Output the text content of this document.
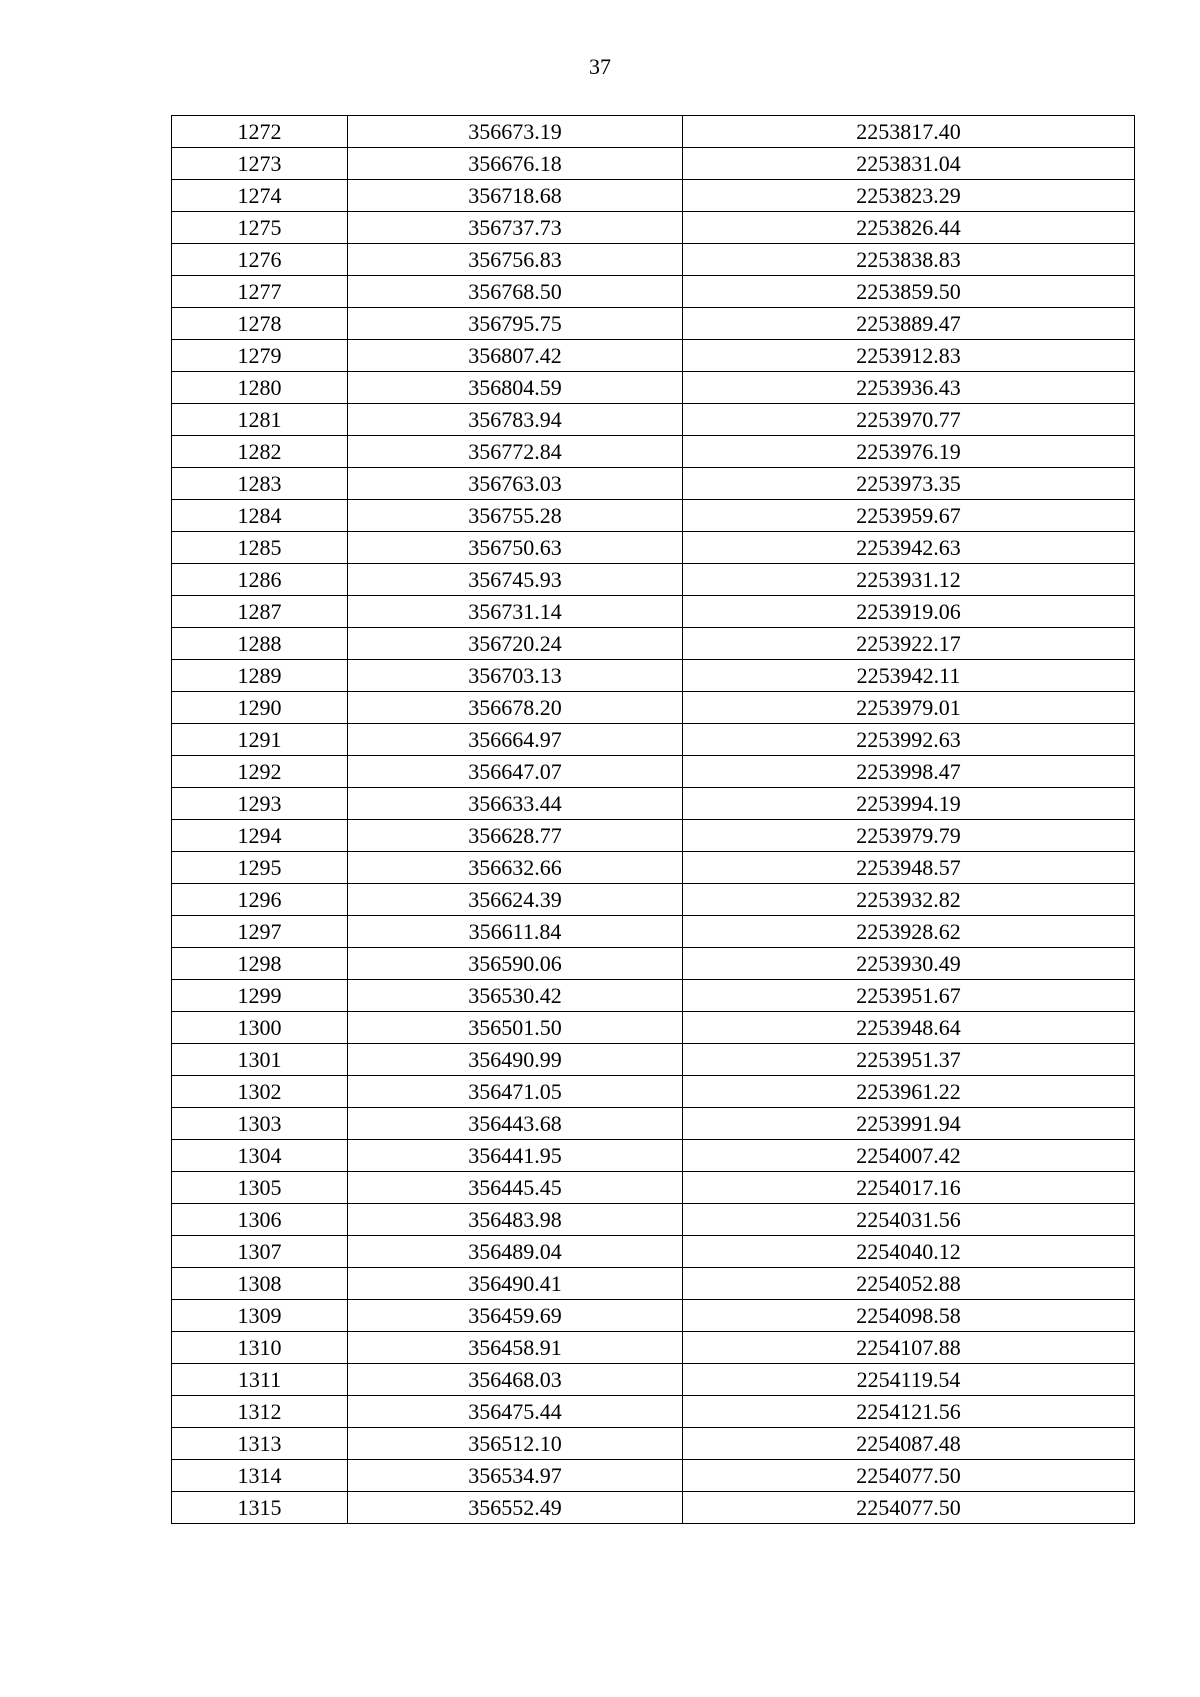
37
1272	356673.19	2253817.40
1273	356676.18	2253831.04
1274	356718.68	2253823.29
1275	356737.73	2253826.44
1276	356756.83	2253838.83
1277	356768.50	2253859.50
1278	356795.75	2253889.47
1279	356807.42	2253912.83
1280	356804.59	2253936.43
1281	356783.94	2253970.77
1282	356772.84	2253976.19
1283	356763.03	2253973.35
1284	356755.28	2253959.67
1285	356750.63	2253942.63
1286	356745.93	2253931.12
1287	356731.14	2253919.06
1288	356720.24	2253922.17
1289	356703.13	2253942.11
1290	356678.20	2253979.01
1291	356664.97	2253992.63
1292	356647.07	2253998.47
1293	356633.44	2253994.19
1294	356628.77	2253979.79
1295	356632.66	2253948.57
1296	356624.39	2253932.82
1297	356611.84	2253928.62
1298	356590.06	2253930.49
1299	356530.42	2253951.67
1300	356501.50	2253948.64
1301	356490.99	2253951.37
1302	356471.05	2253961.22
1303	356443.68	2253991.94
1304	356441.95	2254007.42
1305	356445.45	2254017.16
1306	356483.98	2254031.56
1307	356489.04	2254040.12
1308	356490.41	2254052.88
1309	356459.69	2254098.58
1310	356458.91	2254107.88
1311	356468.03	2254119.54
1312	356475.44	2254121.56
1313	356512.10	2254087.48
1314	356534.97	2254077.50
1315	356552.49	2254077.50
